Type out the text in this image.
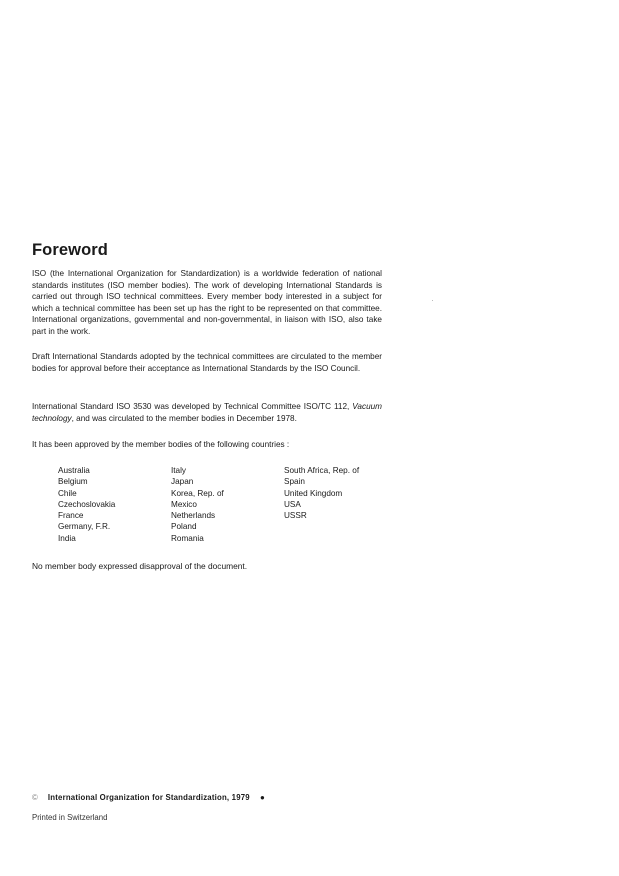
Foreword

ISO (the International Organization for Standardization) is a worldwide federation of national standards institutes (ISO member bodies). The work of developing International Standards is carried out through ISO technical committees. Every member body interested in a subject for which a technical committee has been set up has the right to be represented on that committee. International organizations, governmental and non-governmental, in liaison with ISO, also take part in the work.

Draft International Standards adopted by the technical committees are circulated to the member bodies for approval before their acceptance as International Standards by the ISO Council.

International Standard ISO 3530 was developed by Technical Committee ISO/TC 112, Vacuum technology, and was circulated to the member bodies in December 1978.

It has been approved by the member bodies of the following countries :

Australia
Belgium
Chile
Czechoslovakia
France
Germany, F.R.
India
Italy
Japan
Korea, Rep. of
Mexico
Netherlands
Poland
Romania
South Africa, Rep. of
Spain
United Kingdom
USA
USSR
No member body expressed disapproval of the document.
© International Organization for Standardization, 1979 ●
Printed in Switzerland
